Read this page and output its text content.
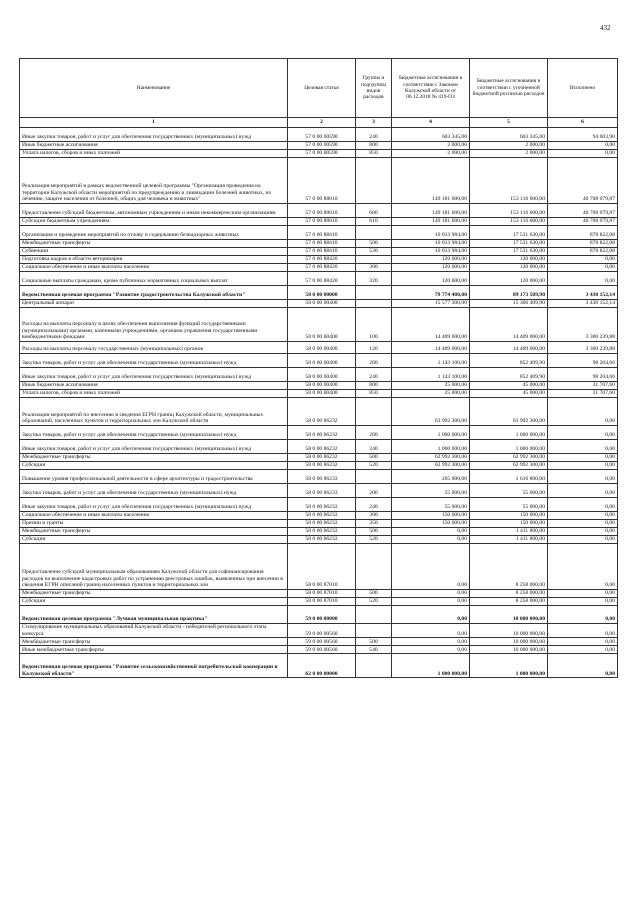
432
Наименование	Целевая статья	Группы и подгруппы видов расходов	Бюджетные ассигнования в соответствии с Законом Калужской области от 06.12.2018 № 419-ОЗ	Бюджетные ассигнования в соответствии с уточненной бюджетной росписью расходов	Исполнено
1	2	3	4	5	6
Иные закупки товаров, работ и услуг для обеспечения государственных (муниципальных) нужд	57 0 00 00590	240	603 345,00	603 345,00	94 003,90
Иные бюджетные ассигнования	57 0 00 00590	800	2 000,00	2 000,00	0,00
Уплата налогов, сборов и иных платежей	57 0 00 00590	850	2 000,00	2 000,00	0,00
Реализация мероприятий в рамках ведомственной целевой программы "Организация проведения на территории Калужской области мероприятий по предупреждению и ликвидации болезней животных, их лечению, защите населения от болезней, общих для человека и животных"	57 0 00 88010		149 181 600,00	153 116 600,00	40 708 079,87
Предоставление субсидий бюджетным, автономным учреждениям и иным некоммерческим организациям	57 0 00 88010	600	149 181 600,00	153 116 600,00	40 708 079,87
Субсидии бюджетным учреждениям	57 0 00 88010	610	149 181 600,00	153 116 600,00	40 708 079,87
Организация и проведение мероприятий по отлову и содержанию безнадзорных животных	57 0 00 88410		10 013 984,00	17 531 630,00	878 822,08
Межбюджетные трансферты	57 0 00 88410	500	10 013 984,00	17 531 630,00	878 822,08
Субвенции	57 0 00 88410	530	10 013 984,00	17 531 630,00	878 822,08
Подготовка кадров в области ветеринарии	57 0 00 88420		120 000,00	120 000,00	0,00
Социальное обеспечение и иные выплаты населению	57 0 00 88420	300	120 000,00	120 000,00	0,00
Социальные выплаты гражданам, кроме публичных нормативных социальных выплат	57 0 00 88420	320	120 000,00	120 000,00	0,00
Ведомственная целевая программа "Развитие градостроительства Калужской области"	58 0 00 00000		79 774 400,00	89 173 509,90	3 430 152,14
Центральный аппарат	58 0 00 00400		15 577 300,00	15 306 409,90	3 430 152,14
Расходы на выплаты персоналу в целях обеспечения выполнения функций государственными (муниципальными) органами, казенными учреждениями, органами управления государственными внебюджетными фондами	58 0 00 00400	100	14 409 000,00	14 409 000,00	3 300 239,88
Расходы на выплаты персоналу государственных (муниципальных) органов	58 0 00 00400	120	14 409 000,00	14 409 000,00	3 300 239,88
Закупка товаров, работ и услуг для обеспечения государственных (муниципальных) нужд	58 0 00 00400	200	1 143 100,00	852 409,90	98 204,66
Иные закупки товаров, работ и услуг для обеспечения государственных (муниципальных) нужд	58 0 00 00400	240	1 143 100,00	852 409,90	98 204,66
Иные бюджетные ассигнования	58 0 00 00400	800	25 000,00	45 000,00	31 707,60
Уплата налогов, сборов и иных платежей	58 0 00 00400	850	25 000,00	45 000,00	31 707,60
Реализация мероприятий по внесению в сведения ЕГРН границ Калужской области, муниципальных образований, населенных пунктов и территориальных зон Калужской области	58 0 00 86232		63 992 300,00	63 992 300,00	0,00
Закупка товаров, работ и услуг для обеспечения государственных (муниципальных) нужд	58 0 00 86232	200	1 000 000,00	1 000 000,00	0,00
Иные закупки товаров, работ и услуг для обеспечения государственных (муниципальных) нужд	58 0 00 86232	240	1 000 000,00	1 000 000,00	0,00
Межбюджетные трансферты	58 0 00 86232	500	62 992 300,00	62 992 300,00	0,00
Субсидии	58 0 00 86232	520	62 992 300,00	62 992 300,00	0,00
Повышение уровня профессиональной деятельности в сфере архитектуры и градостроительства	58 0 00 86233		205 000,00	1 616 800,00	0,00
Закупка товаров, работ и услуг для обеспечения государственных (муниципальных) нужд	58 0 00 86233	200	55 000,00	55 000,00	0,00
Иные закупки товаров, работ и услуг для обеспечения государственных (муниципальных) нужд	58 0 00 86233	240	55 000,00	55 000,00	0,00
Социальное обеспечение и иные выплаты населению	58 0 00 86233	300	150 000,00	150 000,00	0,00
Премии и гранты	58 0 00 86233	350	150 000,00	150 000,00	0,00
Межбюджетные трансферты	58 0 00 86233	500	0,00	1 411 800,00	0,00
Субсидии	58 0 00 86233	520	0,00	1 411 800,00	0,00
Предоставление субсидий муниципальным образованиям Калужской области для софинансирования расходов на выполнение кадастровых работ по устранению реестровых ошибок, выявленных при внесении в сведения ЕГРН описаний границ населенных пунктов и территориальных зон	58 0 00 87010		0,00	8 258 000,00	0,00
Межбюджетные трансферты	58 0 00 87010	500	0,00	8 258 000,00	0,00
Субсидии	58 0 00 87010	520	0,00	8 258 000,00	0,00
Ведомственная целевая программа "Лучшая муниципальная практика"	59 0 00 00000		0,00	10 000 000,00	0,00
Стимулирование муниципальных образований Калужской области - победителей регионального этапа конкурса	59 0 00 00560		0,00	10 000 000,00	0,00
Межбюджетные трансферты	59 0 00 00560	500	0,00	10 000 000,00	0,00
Иные межбюджетные трансферты	59 0 00 00560	540	0,00	10 000 000,00	0,00
Ведомственная целевая программа "Развитие сельскохозяйственной потребительской кооперации в Калужской области"	62 0 00 00000		1 000 000,00	1 000 000,00	0,00
